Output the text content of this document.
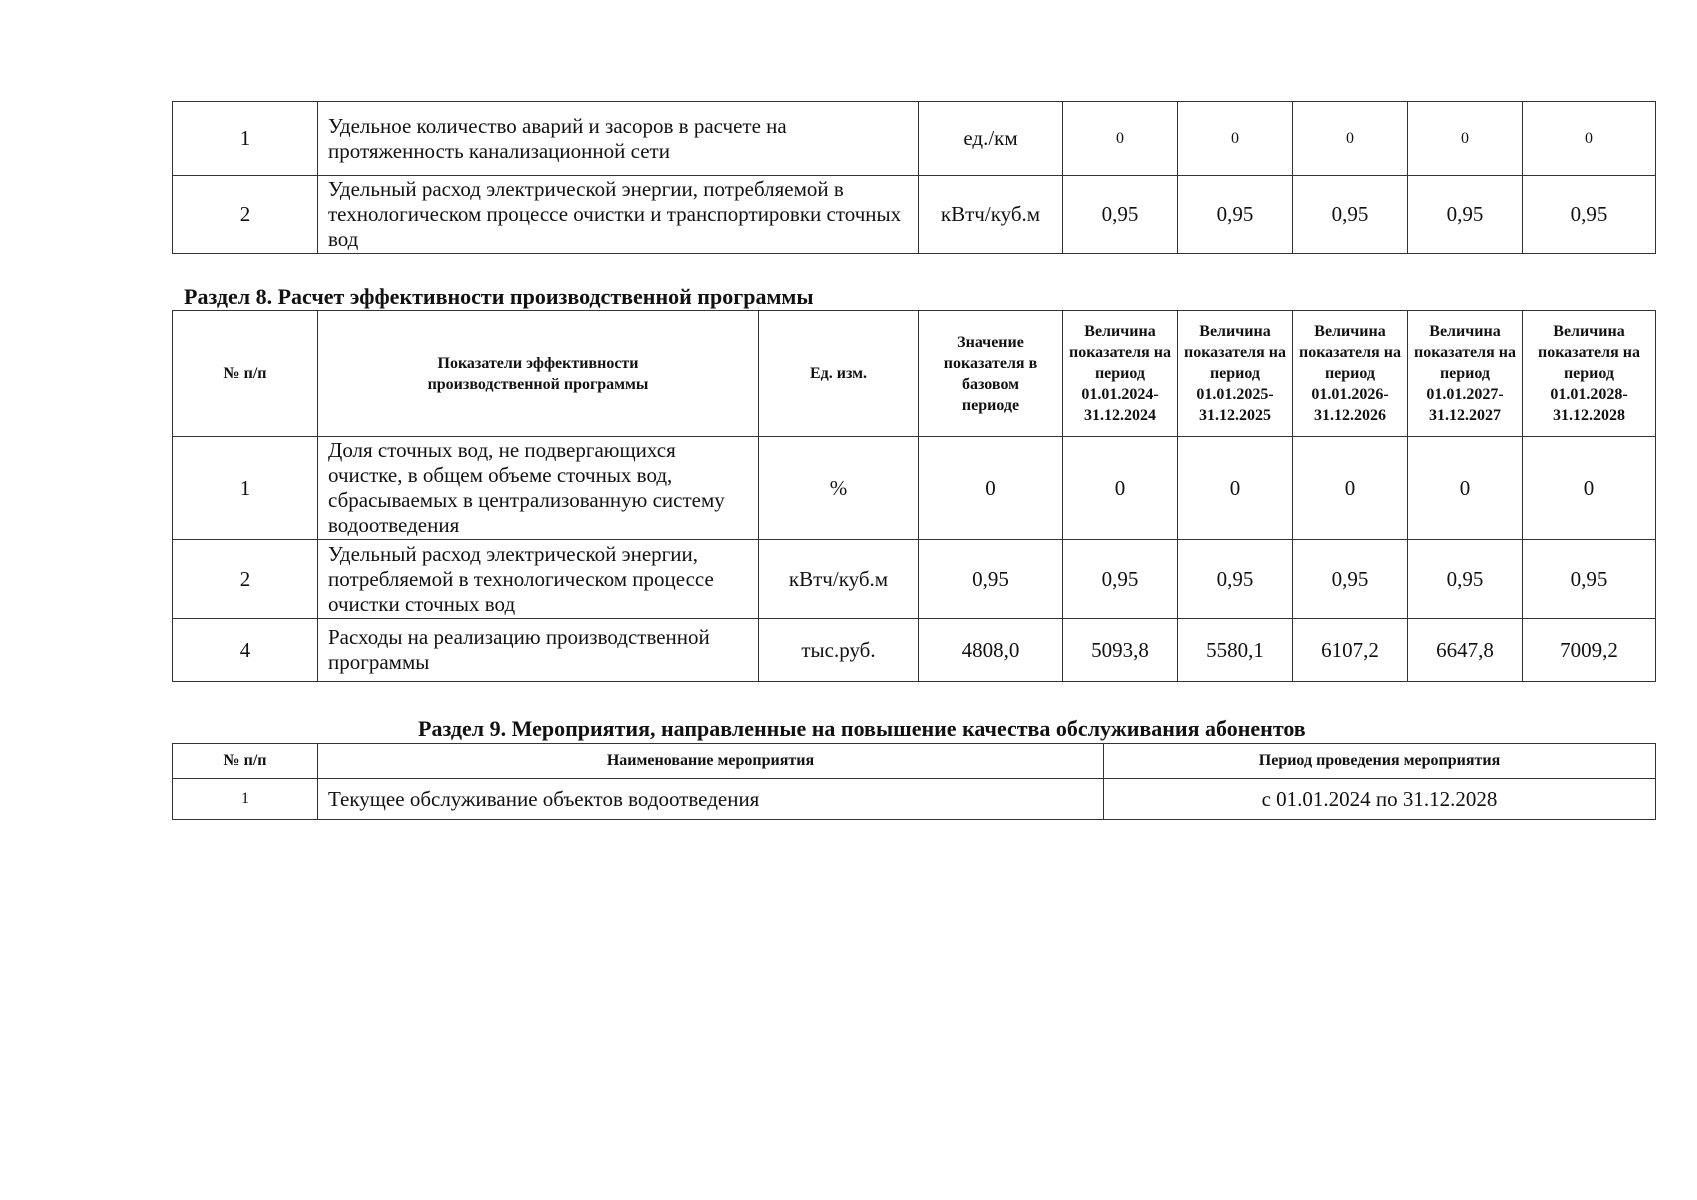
1	Удельное количество аварий и засоров в расчете на протяженность канализационной сети	ед./км	0	0	0	0	0
2	Удельный расход электрической энергии, потребляемой в технологическом процессе очистки и транспортировки сточных вод	кВтч/куб.м	0,95	0,95	0,95	0,95	0,95
Раздел 8. Расчет эффективности производственной программы
№ п/п	Показатели эффективности производственной программы	Ед. изм.	Значение показателя в базовом периоде	Величина показателя на период 01.01.2024-31.12.2024	Величина показателя на период 01.01.2025-31.12.2025	Величина показателя на период 01.01.2026-31.12.2026	Величина показателя на период 01.01.2027-31.12.2027	Величина показателя на период 01.01.2028-31.12.2028
1	Доля сточных вод, не подвергающихся очистке, в общем объеме сточных вод, сбрасываемых в централизованную систему водоотведения	%	0	0	0	0	0	0
2	Удельный расход электрической энергии, потребляемой в технологическом процессе очистки сточных вод	кВтч/куб.м	0,95	0,95	0,95	0,95	0,95	0,95
4	Расходы на реализацию производственной программы	тыс.руб.	4808,0	5093,8	5580,1	6107,2	6647,8	7009,2
Раздел 9. Мероприятия, направленные на повышение качества обслуживания абонентов
№ п/п	Наименование мероприятия	Период проведения мероприятия
1	Текущее обслуживание объектов водоотведения	с 01.01.2024 по 31.12.2028
